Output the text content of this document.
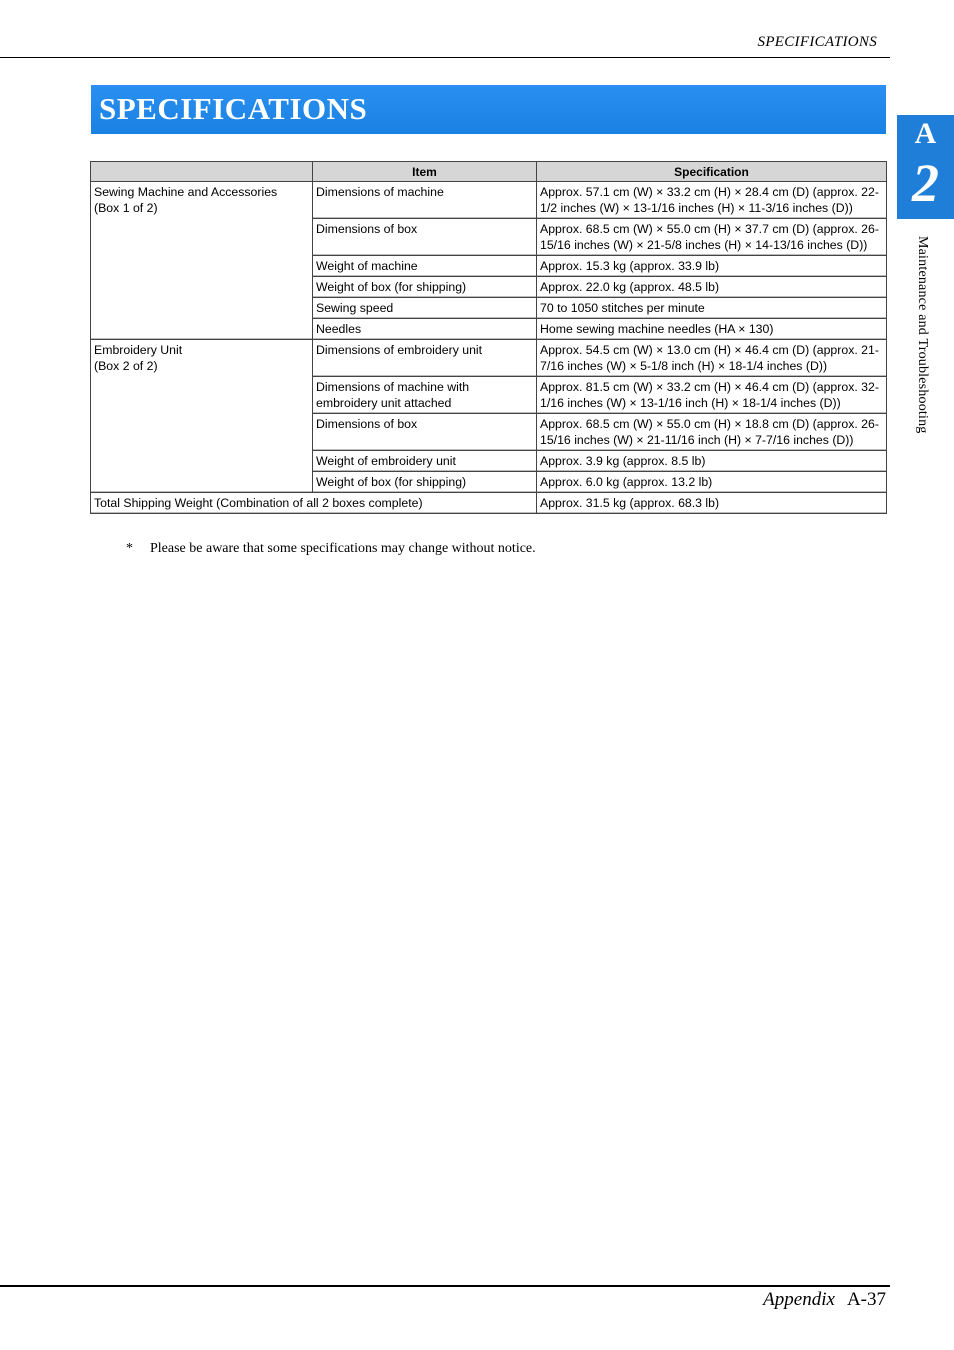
SPECIFICATIONS
SPECIFICATIONS
A
2
Maintenance and Troubleshooting
	Item	Specification

Sewing Machine and Accessories
(Box 1 of 2)	Dimensions of machine	Approx. 57.1 cm (W) × 33.2 cm (H) × 28.4 cm (D) (approx. 22-1/2 inches (W) × 13-1/16 inches (H) × 11-3/16 inches (D))
	Dimensions of box	Approx. 68.5 cm (W) × 55.0 cm (H) × 37.7 cm (D) (approx. 26-15/16 inches (W) × 21-5/8 inches (H) × 14-13/16 inches (D))
	Weight of machine	Approx. 15.3 kg (approx. 33.9 lb)
	Weight of box (for shipping)	Approx. 22.0 kg (approx. 48.5 lb)
	Sewing speed	70 to 1050 stitches per minute
	Needles	Home sewing machine needles (HA × 130)

Embroidery Unit
(Box 2 of 2)	Dimensions of embroidery unit	Approx. 54.5 cm (W) × 13.0 cm (H) × 46.4 cm (D) (approx. 21-7/16 inches (W) × 5-1/8 inch (H) × 18-1/4 inches (D))
	Dimensions of machine with embroidery unit attached	Approx. 81.5 cm (W) × 33.2 cm (H) × 46.4 cm (D) (approx. 32-1/16 inches (W) × 13-1/16 inch (H) × 18-1/4 inches (D))
	Dimensions of box	Approx. 68.5 cm (W) × 55.0 cm (H) × 18.8 cm (D) (approx. 26-15/16 inches (W) × 21-11/16 inch (H) × 7-7/16 inches (D))
	Weight of embroidery unit	Approx. 3.9 kg (approx. 8.5 lb)
	Weight of box (for shipping)	Approx. 6.0 kg (approx. 13.2 lb)
Total Shipping Weight (Combination of all 2 boxes complete)		Approx. 31.5 kg (approx. 68.3 lb)
* Please be aware that some specifications may change without notice.
Appendix A-37
